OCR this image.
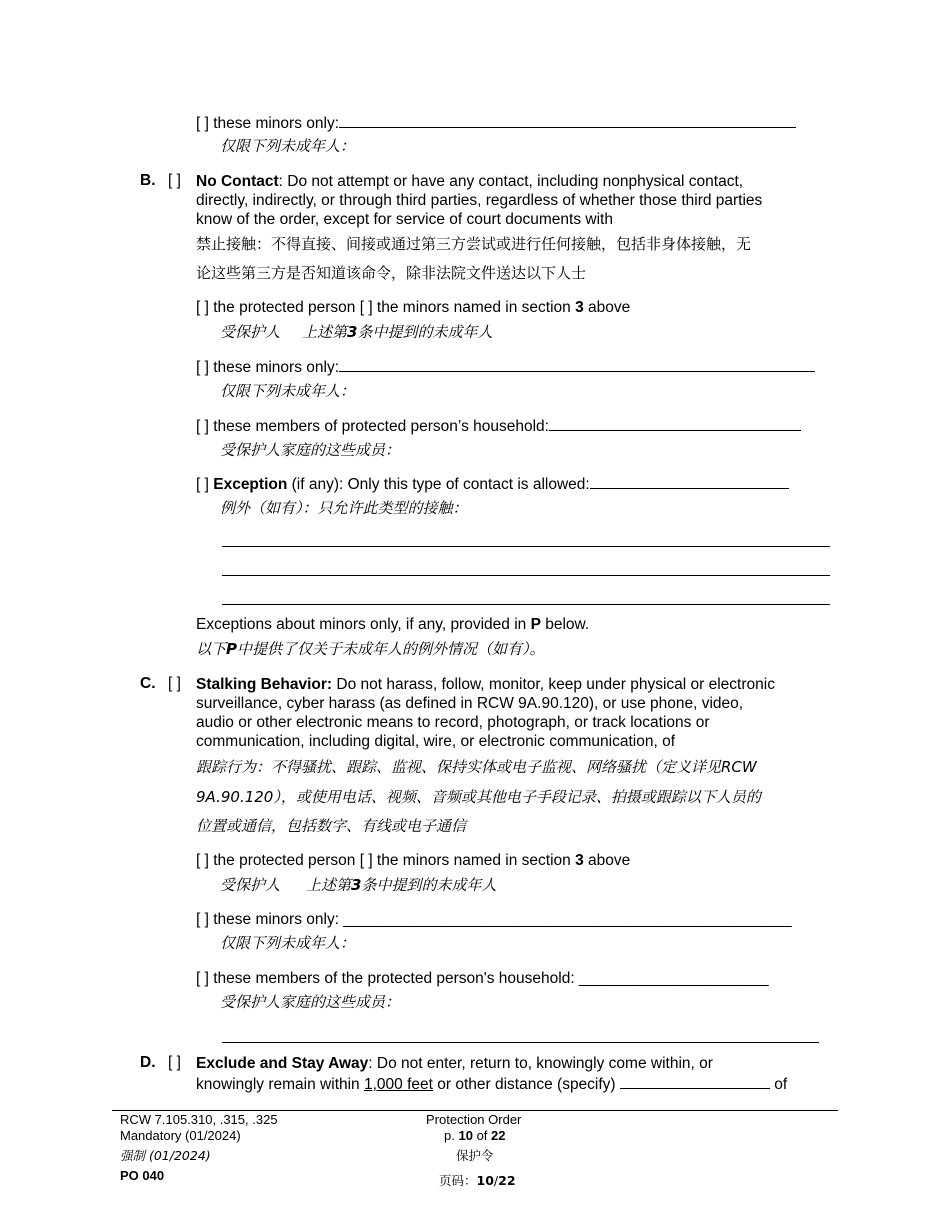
[ ] these minors only:
仅限下列未成年人：
B. [ ] No Contact: Do not attempt or have any contact, including nonphysical contact,
directly, indirectly, or through third parties, regardless of whether those third parties
know of the order, except for service of court documents with
禁止接触：不得直接、间接或通过第三方尝试或进行任何接触，包括非身体接触，无
论这些第三方是否知道该命令，除非法院文件送达以下人士
[ ] the protected person [ ] the minors named in section 3 above
受保护人 上述第3条中提到的未成年人
[ ] these minors only:
仅限下列未成年人：
[ ] these members of protected person’s household:
受保护人家庭的这些成员：
[ ] Exception (if any): Only this type of contact is allowed:
例外（如有）：只允许此类型的接触：
Exceptions about minors only, if any, provided in P below.
以下P中提供了仅关于未成年人的例外情况（如有）。
C. [ ] Stalking Behavior: Do not harass, follow, monitor, keep under physical or electronic
surveillance, cyber harass (as defined in RCW 9A.90.120), or use phone, video,
audio or other electronic means to record, photograph, or track locations or
communication, including digital, wire, or electronic communication, of
跟踪行为：不得骚扰、跟踪、监视、保持实体或电子监视、网络骚扰（定义详见RCW
9A.90.120），或使用电话、视频、音频或其他电子手段记录、拍摄或跟踪以下人员的
位置或通信，包括数字、有线或电子通信
[ ] the protected person [ ] the minors named in section 3 above
受保护人 上述第3条中提到的未成年人
[ ] these minors only: ____________________________________________________
仅限下列未成年人：
[ ] these members of the protected person's household: ______________________
受保护人家庭的这些成员：
D. [ ] Exclude and Stay Away: Do not enter, return to, knowingly come within, or
knowingly remain within 1,000 feet or other distance (specify)	of
RCW 7.105.310, .315, .325
Mandatory (01/2024)
强制 (01/2024)
PO 040
Protection Order
p. 10 of 22
保护令
页码：10/22
